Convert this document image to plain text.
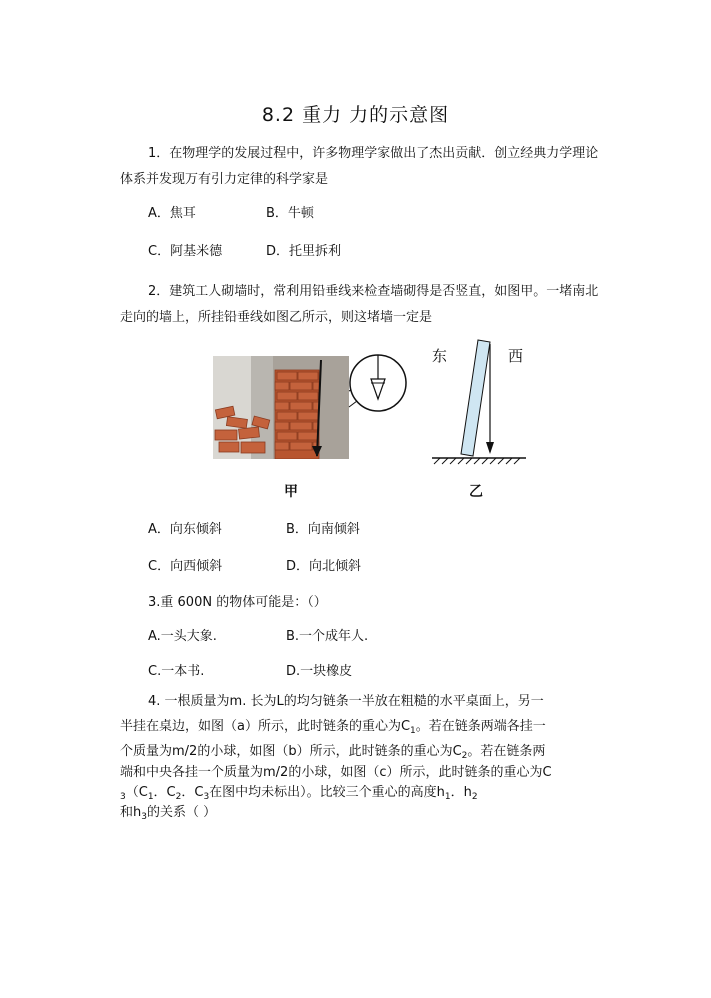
8.2 重力 力的示意图
1．在物理学的发展过程中，许多物理学家做出了杰出贡献．创立经典力学理论体系并发现万有引力定律的科学家是
A．焦耳	B．牛顿
C．阿基米德	D．托里拆利
2．建筑工人砌墙时，常利用铅垂线来检查墙砌得是否竖直，如图甲。一堵南北走向的墙上，所挂铅垂线如图乙所示，则这堵墙一定是
东	西
甲	乙
A．向东倾斜	B．向南倾斜
C．向西倾斜	D．向北倾斜
3.重 600N 的物体可能是：（）
A.一头大象.	B.一个成年人.
C.一本书.	D.一块橡皮
4. 一根质量为m. 长为L的均匀链条一半放在粗糙的水平桌面上，另一
半挂在桌边，如图（a）所示，此时链条的重心为$C_1$。若在链条两端各挂一
个质量为m/2的小球，如图（b）所示，此时链条的重心为$C_2$。若在链条两
端和中央各挂一个质量为m/2的小球，如图（c）所示，此时链条的重心为C
$_3(C_1$．$C_2$．$C_3$在图中均未标出）。比较三个重心的高度$h_1$．$h_2$
和$h_3$的关系（ ）
